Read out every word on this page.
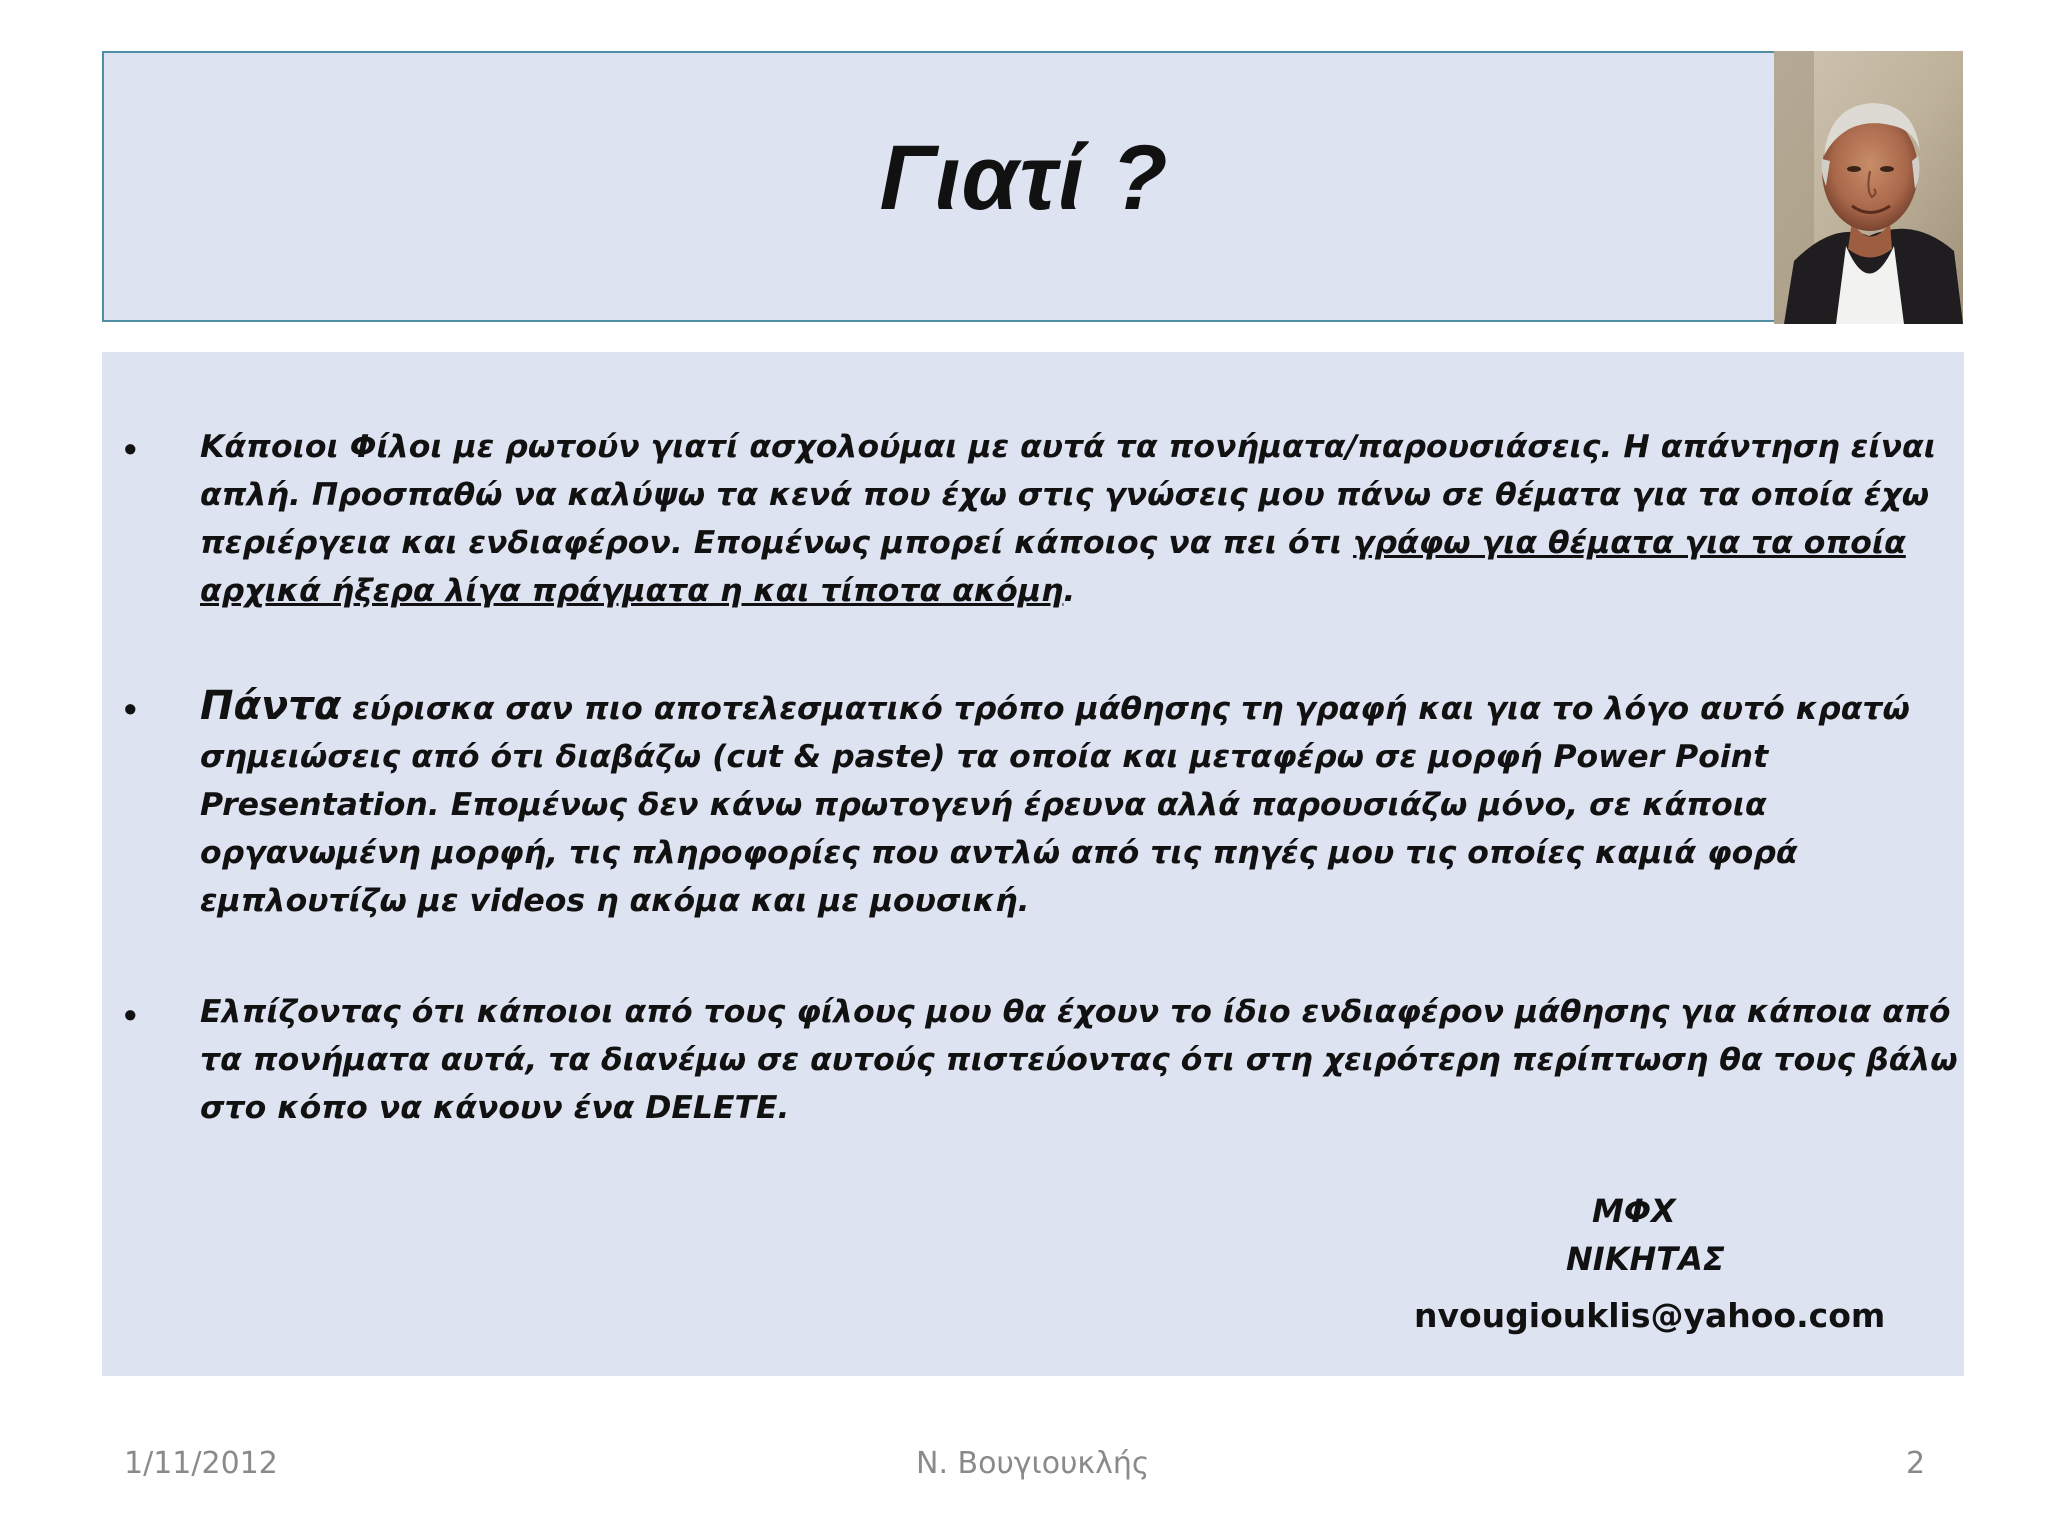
Γιατί ?
• Κάποιοι Φίλοι με ρωτούν γιατί ασχολούμαι με αυτά τα πονήματα/παρουσιάσεις. Η απάντηση είναι απλή. Προσπαθώ να καλύψω τα κενά που έχω στις γνώσεις μου πάνω σε θέματα για τα οποία έχω περιέργεια και ενδιαφέρον. Επομένως μπορεί κάποιος να πει ότι γράφω για θέματα για τα οποία αρχικά ήξερα λίγα πράγματα η και τίποτα ακόμη.
• Πάντα εύρισκα σαν πιο αποτελεσματικό τρόπο μάθησης τη γραφή και για το λόγο αυτό κρατώ σημειώσεις από ότι διαβάζω (cut & paste) τα οποία και μεταφέρω σε μορφή Power Point Presentation. Επομένως δεν κάνω πρωτογενή έρευνα αλλά παρουσιάζω μόνο, σε κάποια οργανωμένη μορφή, τις πληροφορίες που αντλώ από τις πηγές μου τις οποίες καμιά φορά εμπλουτίζω με videos η ακόμα και με μουσική.
• Ελπίζοντας ότι κάποιοι από τους φίλους μου θα έχουν το ίδιο ενδιαφέρον μάθησης για κάποια από τα πονήματα αυτά, τα διανέμω σε αυτούς πιστεύοντας ότι στη χειρότερη περίπτωση θα τους βάλω στο κόπο να κάνουν ένα DELETE.
ΜΦΧ
ΝΙΚΗΤΑΣ
nvougiouklis@yahoo.com
1/11/2012	Ν. Βουγιουκλής	2
